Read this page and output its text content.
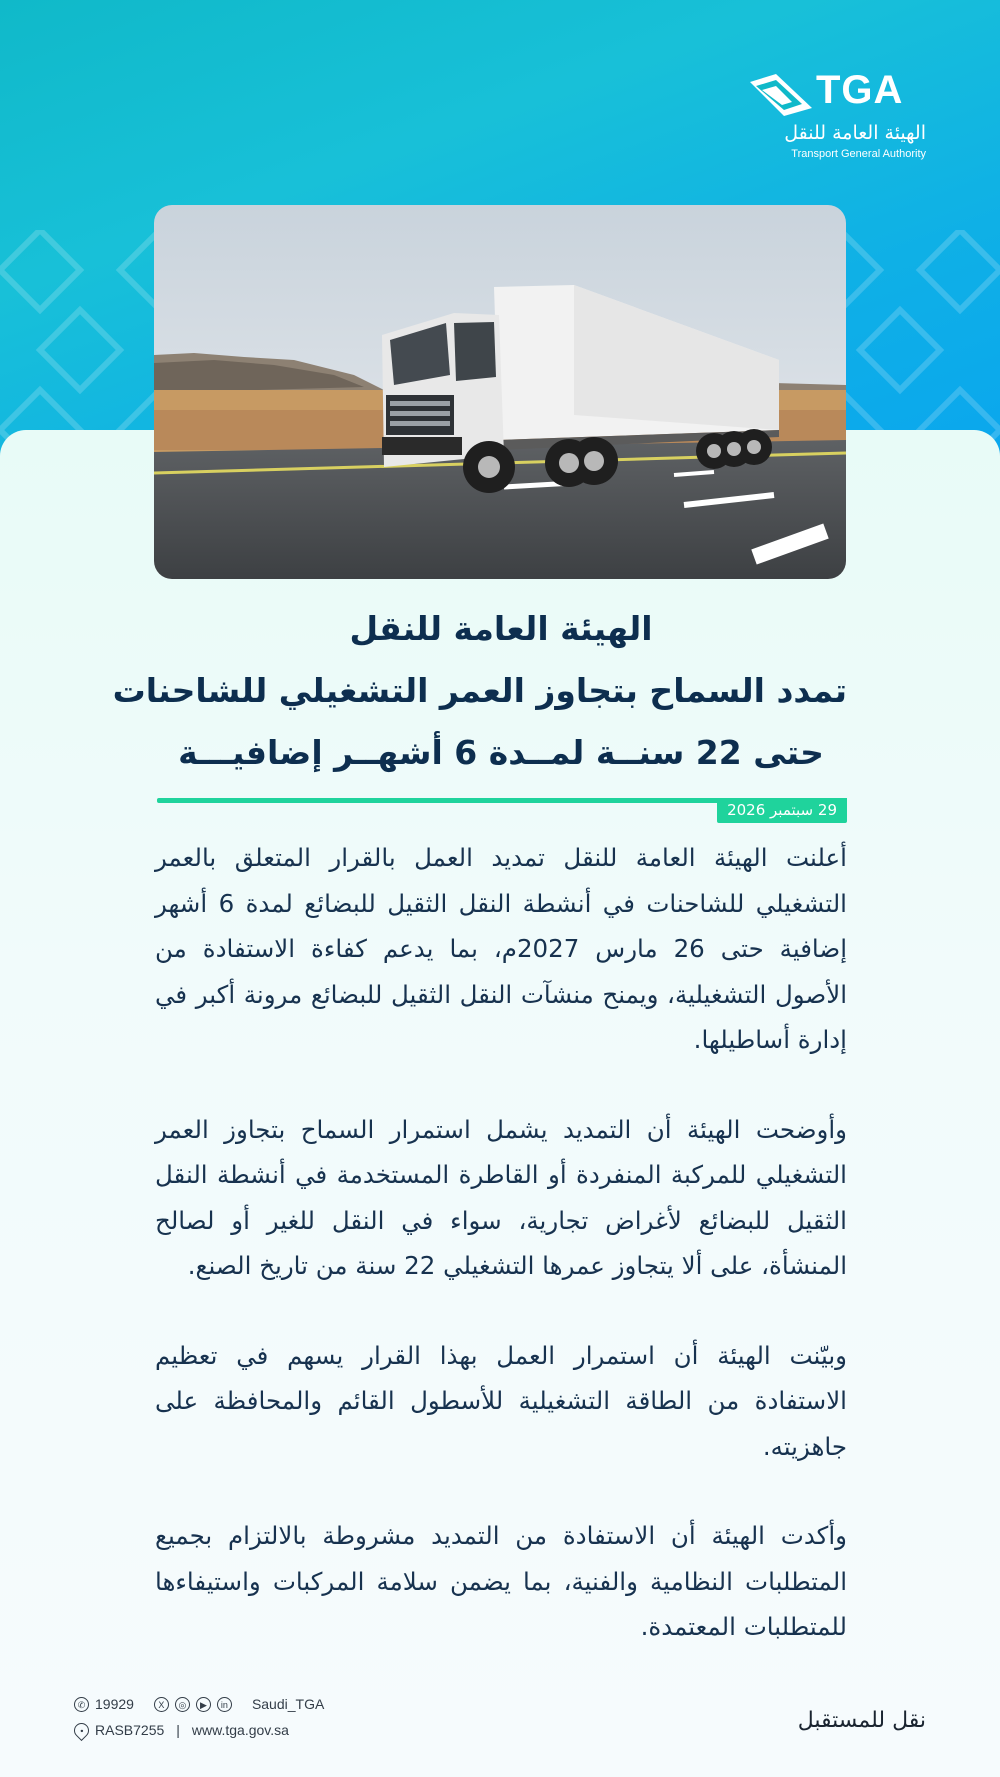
TGA
الهيئة العامة للنقل
Transport General Authority
الهيئة العامة للنقل
تمدد السماح بتجاوز العمر التشغيلي للشاحنات
حتى 22 سنــة لمــدة 6 أشهــر إضافيـــة
29 سبتمبر 2026

أعلنت الهيئة العامة للنقل تمديد العمل بالقرار المتعلق بالعمر التشغيلي للشاحنات في أنشطة النقل الثقيل للبضائع لمدة 6 أشهر إضافية حتى 26 مارس 2027م، بما يدعم كفاءة الاستفادة من الأصول التشغيلية، ويمنح منشآت النقل الثقيل للبضائع مرونة أكبر في إدارة أساطيلها.

وأوضحت الهيئة أن التمديد يشمل استمرار السماح بتجاوز العمر التشغيلي للمركبة المنفردة أو القاطرة المستخدمة في أنشطة النقل الثقيل للبضائع لأغراض تجارية، سواء في النقل للغير أو لصالح المنشأة، على ألا يتجاوز عمرها التشغيلي 22 سنة من تاريخ الصنع.

وبيّنت الهيئة أن استمرار العمل بهذا القرار يسهم في تعظيم الاستفادة من الطاقة التشغيلية للأسطول القائم والمحافظة على جاهزيته.

وأكدت الهيئة أن الاستفادة من التمديد مشروطة بالالتزام بجميع المتطلبات النظامية والفنية، بما يضمن سلامة المركبات واستيفاءها للمتطلبات المعتمدة.

✆ 19929	X	◎	▶	in Saudi_TGA
• RASB7255 | www.tga.gov.sa	نقل للمستقبل
